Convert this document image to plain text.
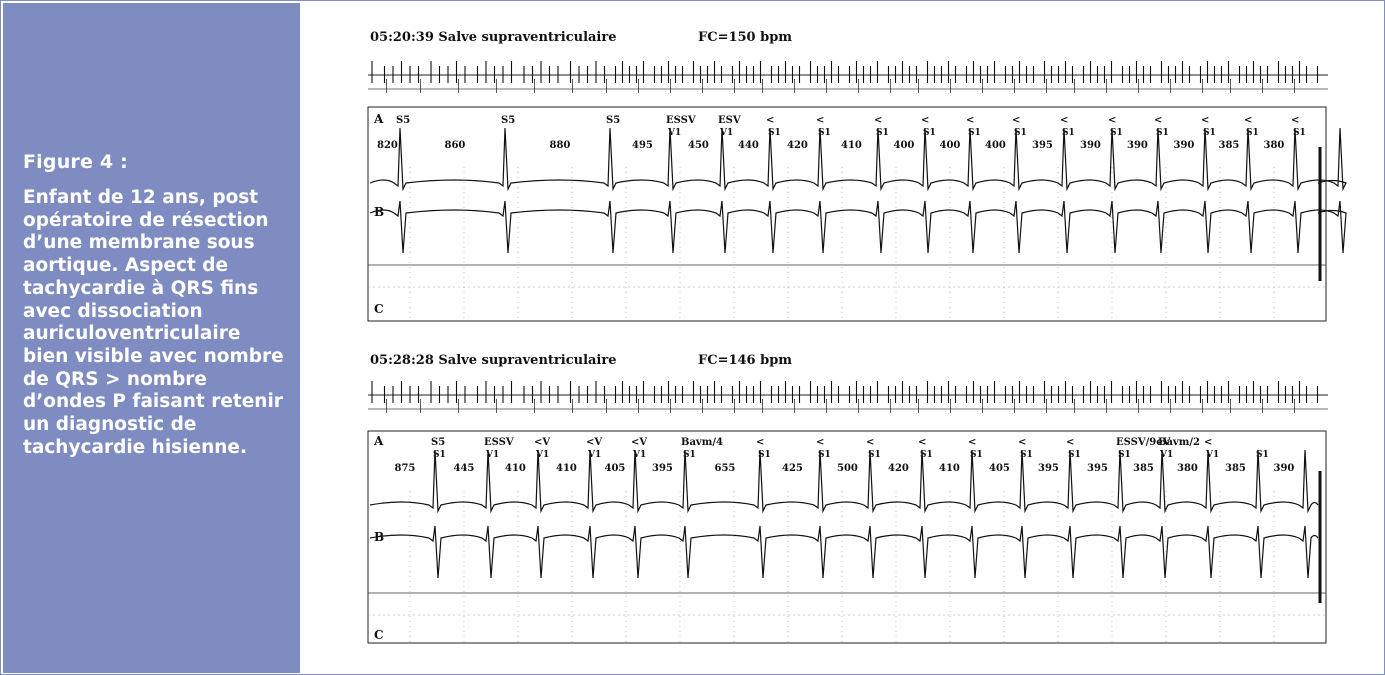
Figure 4 :
Enfant de 12 ans, post opératoire de résection d’une membrane sous aortique. Aspect de tachycardie à QRS fins avec dissociation auriculoventriculaire bien visible avec nombre de QRS > nombre d’ondes P faisant retenir un diagnostic de tachycardie hisienne.
05:20:39 Salve supraventriculaire	FC=150 bpm
A
B
C
S5	S5	S5	ESSV ESV	<	<	<	<	<	<	<	<	<	<	<	<
V1	V1	S1	S1	S1	S1	S1	S1	S1	S1	S1	S1	S1	S1
820	860	880	495	450	440	420	410	400	400 400	395	390	390	390 385 380
05:28:28 Salve supraventriculaire	FC=146 bpm
A
B
C
S5	ESSV <V	<V	<V	Bavm/4	<	<	<	<	<	<	<	ESSV/9eV
Bavm/2 <
S1	V1	V1	V1	V1	S1	S1	S1	S1	S1	S1	S1	S1	S1	V1	V1	S1
875	445	410	410	405	395	655	425	500	420	410	405	395	395	385 380	385	390
